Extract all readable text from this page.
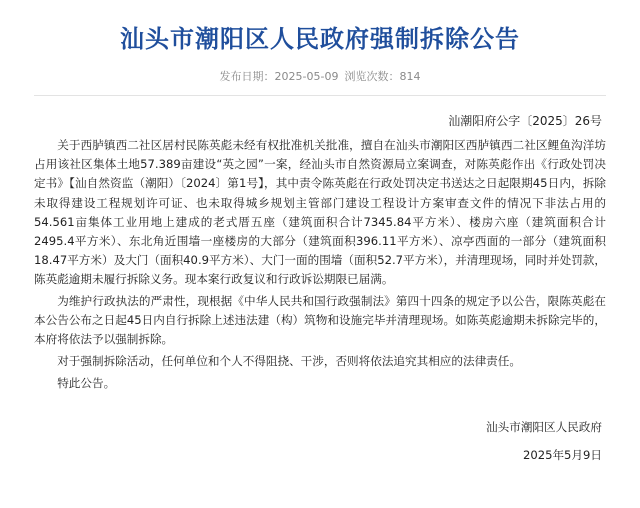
汕头市潮阳区人民政府强制拆除公告
发布日期：2025-05-09 浏览次数：814
汕潮阳府公字〔2025〕26号

关于西胪镇西二社区居村民陈英彪未经有权批准机关批准，擅自在汕头市潮阳区西胪镇西二社区鲤鱼沟洋坊占用该社区集体土地57.389亩建设“英之园”一案，经汕头市自然资源局立案调查，对陈英彪作出《行政处罚决定书》【汕自然资监（潮阳）〔2024〕第1号】，其中责令陈英彪在行政处罚决定书送达之日起限期45日内，拆除未取得建设工程规划许可证、也未取得城乡规划主管部门建设工程设计方案审查文件的情况下非法占用的54.561亩集体工业用地上建成的老式厝五座（建筑面积合计7345.84平方米）、楼房六座（建筑面积合计2495.4平方米）、东北角近围墙一座楼房的大部分（建筑面积396.11平方米）、凉亭西面的一部分（建筑面积18.47平方米）及大门（面积40.9平方米）、大门一面的围墙（面积52.7平方米），并清理现场，同时并处罚款，陈英彪逾期未履行拆除义务。现本案行政复议和行政诉讼期限已届满。

为维护行政执法的严肃性，现根据《中华人民共和国行政强制法》第四十四条的规定予以公告，限陈英彪在本公告公布之日起45日内自行拆除上述违法建（构）筑物和设施完毕并清理现场。如陈英彪逾期未拆除完毕的，本府将依法予以强制拆除。

对于强制拆除活动，任何单位和个人不得阻挠、干涉，否则将依法追究其相应的法律责任。

特此公告。

汕头市潮阳区人民政府
2025年5月9日
